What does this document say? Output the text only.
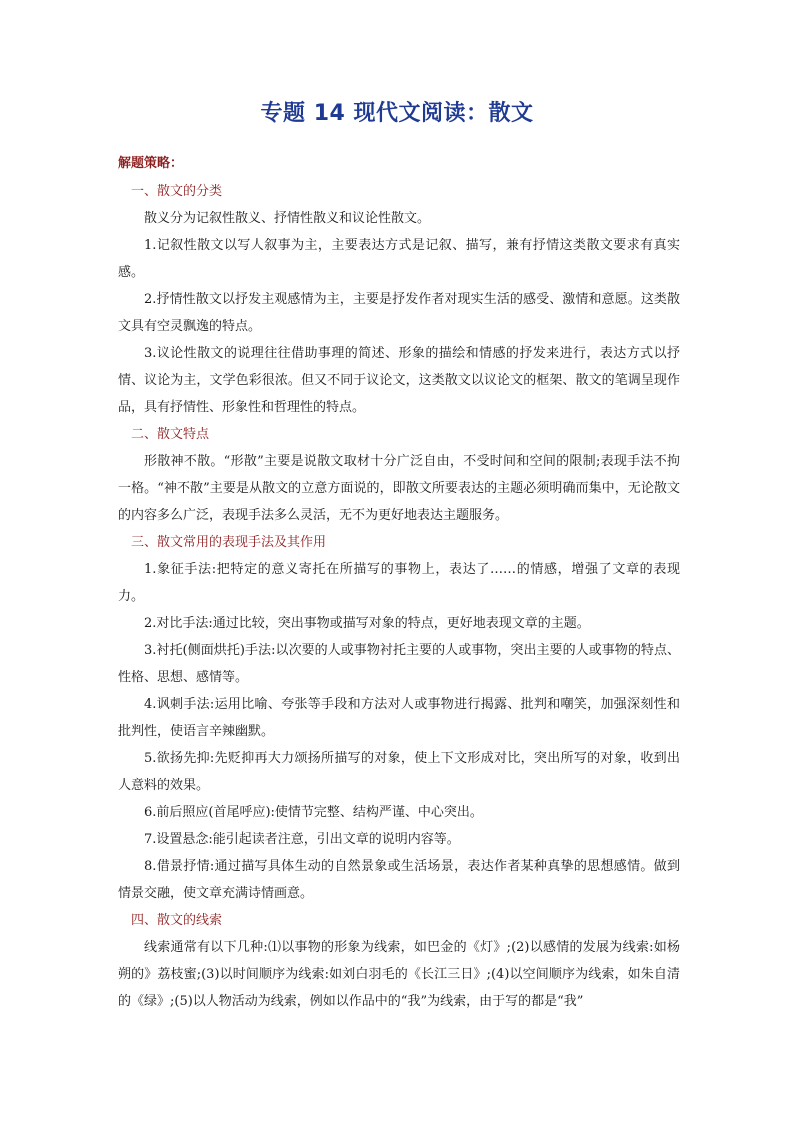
专题 14 现代文阅读：散文
解题策略：

一、散文的分类

散义分为记叙性散义、抒情性散义和议论性散文。

1.记叙性散文以写人叙事为主，主要表达方式是记叙、描写，兼有抒情这类散文要求有真实感。

2.抒情性散文以抒发主观感情为主，主要是抒发作者对现实生活的感受、激情和意愿。这类散文具有空灵飘逸的特点。

3.议论性散文的说理往往借助事理的简述、形象的描绘和情感的抒发来进行，表达方式以抒情、议论为主，文学色彩很浓。但又不同于议论文，这类散文以议论文的框架、散文的笔调呈现作品，具有抒情性、形象性和哲理性的特点。

二、散文特点

形散神不散。“形散”主要是说散文取材十分广泛自由，不受时间和空间的限制;表现手法不拘一格。“神不散”主要是从散文的立意方面说的，即散文所要表达的主题必须明确而集中，无论散文的内容多么广泛，表现手法多么灵活，无不为更好地表达主题服务。

三、散文常用的表现手法及其作用

1.象征手法:把特定的意义寄托在所描写的事物上，表达了……的情感，增强了文章的表现力。

2.对比手法:通过比较，突出事物或描写对象的特点，更好地表现文章的主题。

3.衬托(侧面烘托)手法:以次要的人或事物衬托主要的人或事物，突出主要的人或事物的特点、性格、思想、感情等。

4.讽刺手法:运用比喻、夸张等手段和方法对人或事物进行揭露、批判和嘲笑，加强深刻性和批判性，使语言辛辣幽默。

5.欲扬先抑:先贬抑再大力颂扬所描写的对象，使上下文形成对比，突出所写的对象，收到出人意料的效果。

6.前后照应(首尾呼应):使情节完整、结构严谨、中心突出。

7.设置悬念:能引起读者注意，引出文章的说明内容等。

8.借景抒情:通过描写具体生动的自然景象或生活场景，表达作者某种真挚的思想感情。做到情景交融，使文章充满诗情画意。

四、散文的线索

线索通常有以下几种:⑴以事物的形象为线索，如巴金的《灯》;(2)以感情的发展为线索:如杨朔的》荔枝蜜;(3)以时间顺序为线索:如刘白羽毛的《长江三日》;(4)以空间顺序为线索，如朱自清的《绿》;(5)以人物活动为线索，例如以作品中的“我”为线索，由于写的都是“我”
